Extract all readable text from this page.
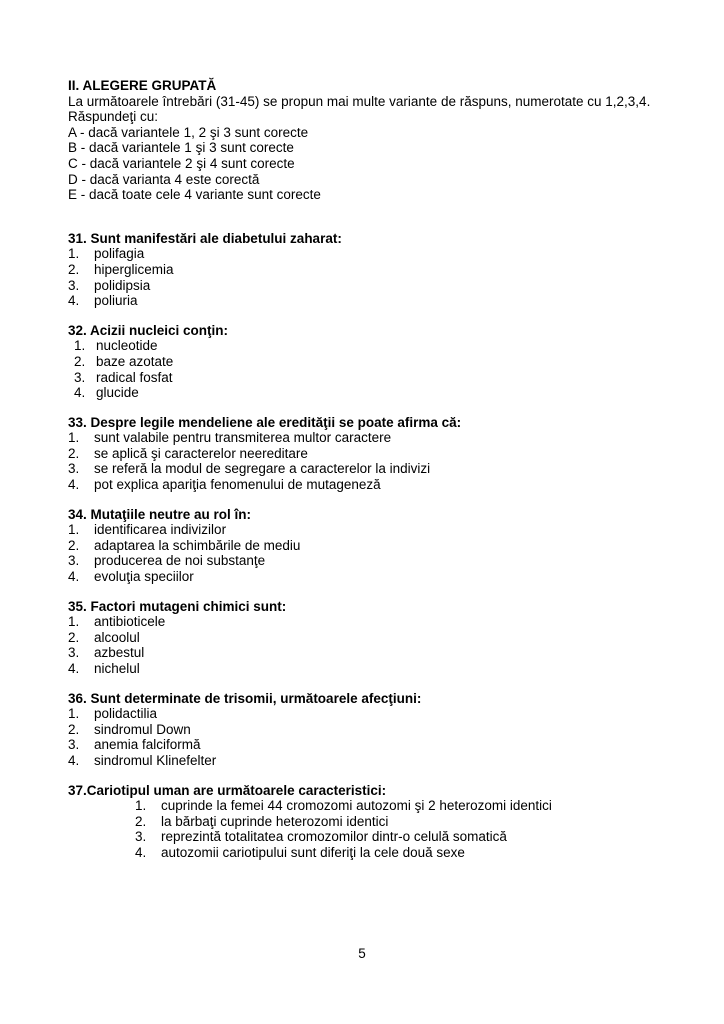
II. ALEGERE GRUPATĂ

La următoarele întrebări (31-45) se propun mai multe variante de răspuns, numerotate cu 1,2,3,4.

Răspundeţi cu:

A - dacă variantele 1, 2 şi 3 sunt corecte

B - dacă variantele 1 şi 3 sunt corecte

C - dacă variantele 2 şi 4 sunt corecte

D - dacă varianta 4 este corectă

E - dacă toate cele 4 variante sunt corecte

31. Sunt manifestări ale diabetului zaharat:

1.	polifagia
2.	hiperglicemia
3.	polidipsia
4.	poliuria

32. Acizii nucleici conţin:

1. nucleotide
2. baze azotate
3. radical fosfat
4. glucide

33. Despre legile mendeliene ale eredităţii se poate afirma că:

1.	sunt valabile pentru transmiterea multor caractere
2.	se aplică şi caracterelor neereditare
3.	se referă la modul de segregare a caracterelor la indivizi
4.	pot explica apariţia fenomenului de mutageneză

34. Mutaţiile neutre au rol în:

1.	identificarea indivizilor
2.	adaptarea la schimbările de mediu
3.	producerea de noi substanţe
4.	evoluţia speciilor

35. Factori mutageni chimici sunt:

1.	antibioticele
2.	alcoolul
3.	azbestul
4.	nichelul

36. Sunt determinate de trisomii, următoarele afecţiuni:

1.	polidactilia
2.	sindromul Down
3.	anemia falciformă
4.	sindromul Klinefelter

37.Cariotipul uman are următoarele caracteristici:

1.	cuprinde la femei 44 cromozomi autozomi şi 2 heterozomi identici
2.	la bărbaţi cuprinde heterozomi identici
3.	reprezintă totalitatea cromozomilor dintr-o celulă somatică
4.	autozomii cariotipului sunt diferiţi la cele două sexe
5
